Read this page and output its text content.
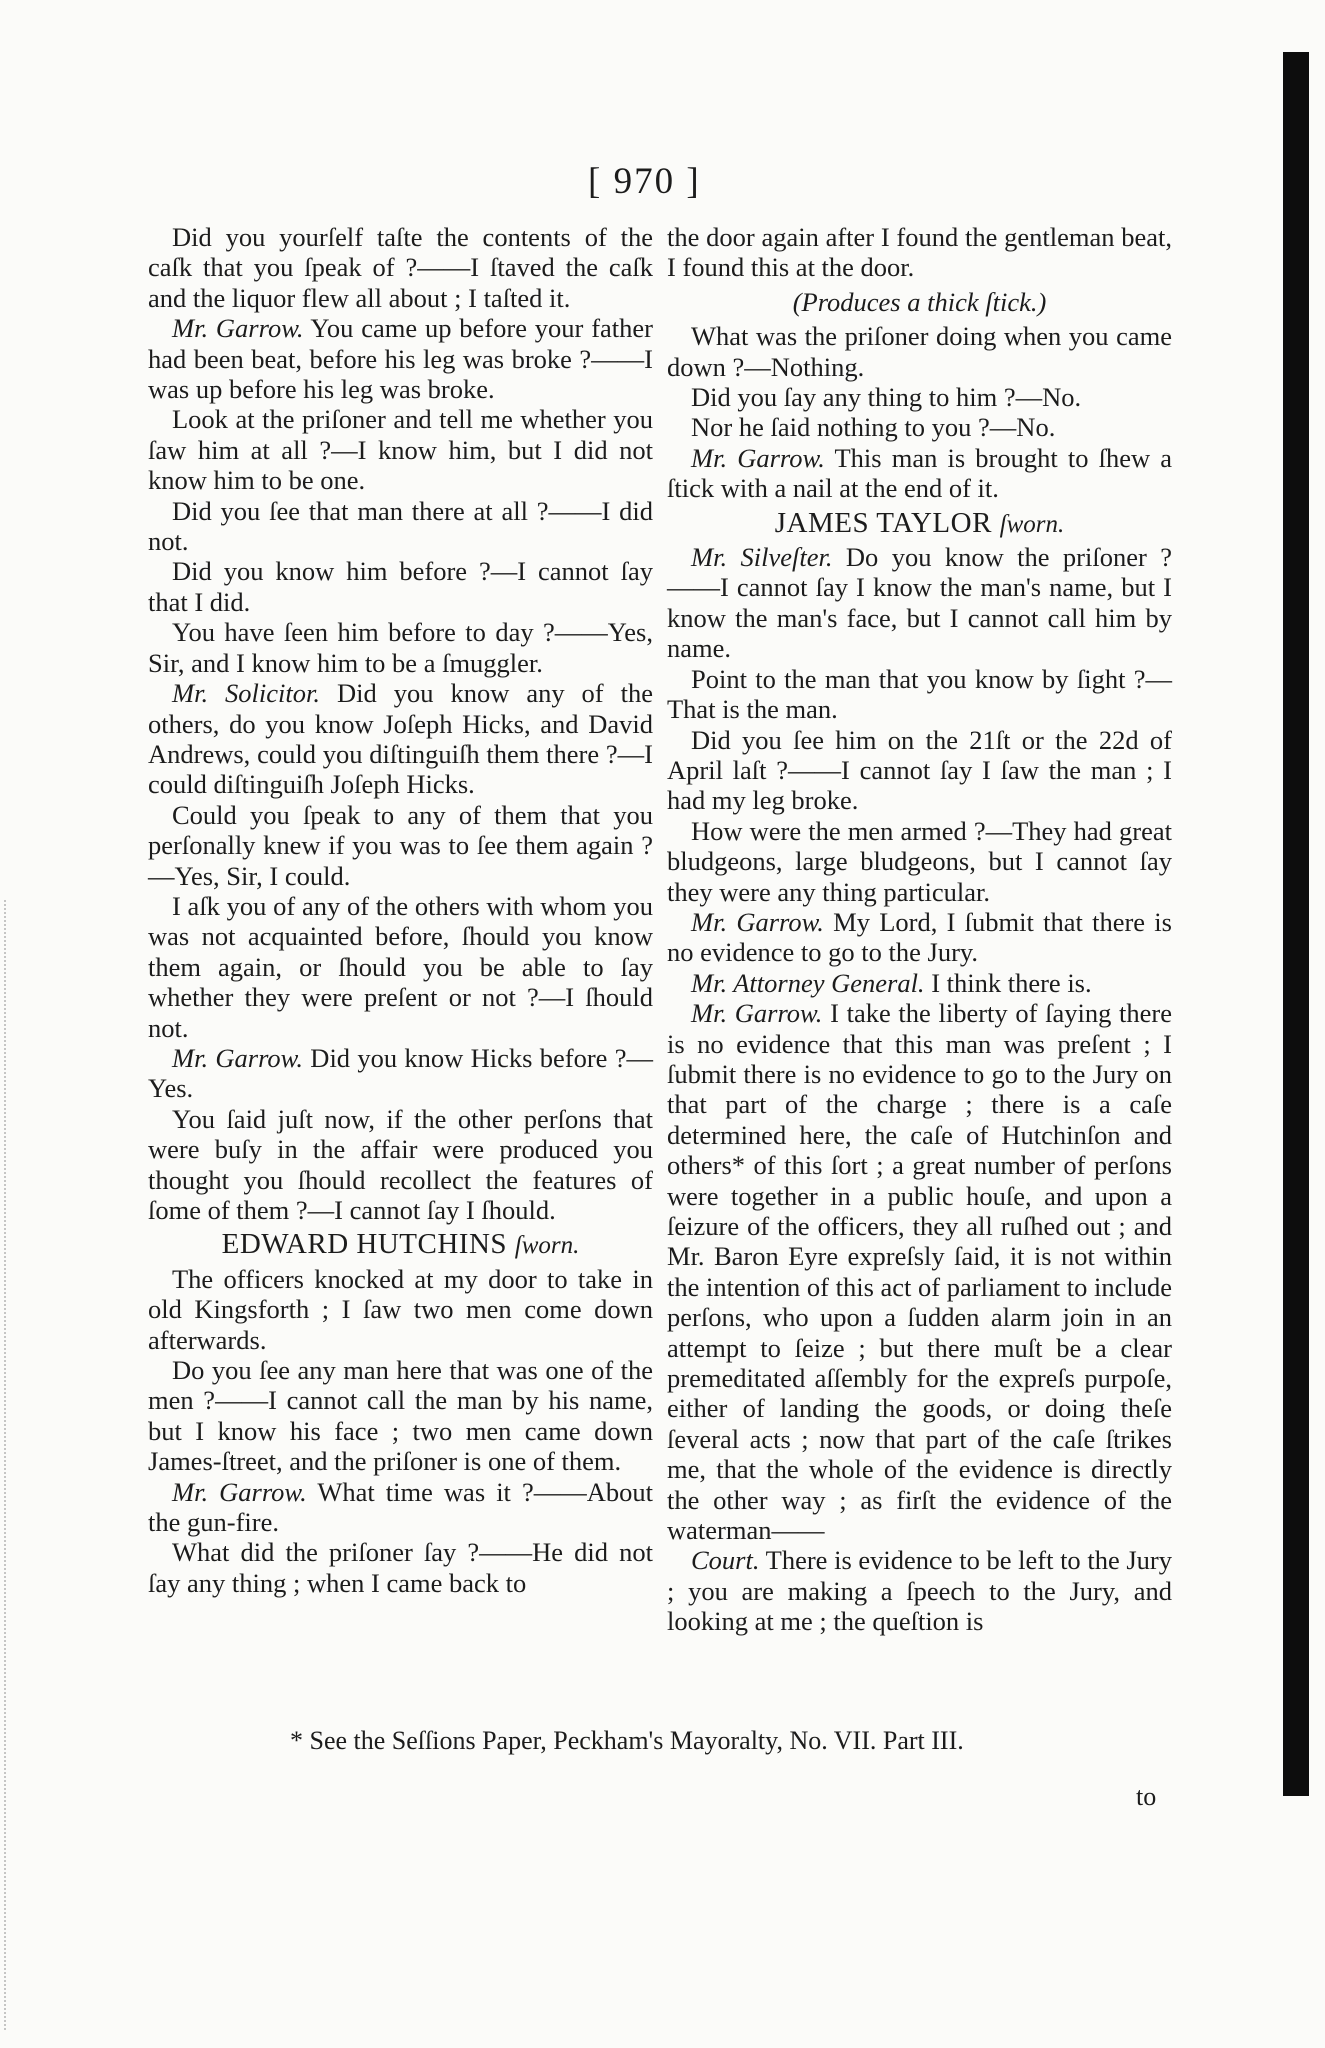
[ 970 ]

Did you yourſelf taſte the contents of the caſk that you ſpeak of ?——I ſtaved the caſk and the liquor flew all about ; I taſted it.

Mr. Garrow. You came up before your father had been beat, before his leg was broke ?——I was up before his leg was broke.

Look at the priſoner and tell me whether you ſaw him at all ?—I know him, but I did not know him to be one.

Did you ſee that man there at all ?——I did not.

Did you know him before ?—I cannot ſay that I did.

You have ſeen him before to day ?——Yes, Sir, and I know him to be a ſmuggler.

Mr. Solicitor. Did you know any of the others, do you know Joſeph Hicks, and David Andrews, could you diſtinguiſh them there ?—I could diſtinguiſh Joſeph Hicks.

Could you ſpeak to any of them that you perſonally knew if you was to ſee them again ?—Yes, Sir, I could.

I aſk you of any of the others with whom you was not acquainted before, ſhould you know them again, or ſhould you be able to ſay whether they were preſent or not ?—I ſhould not.

Mr. Garrow. Did you know Hicks before ?—Yes.

You ſaid juſt now, if the other perſons that were buſy in the affair were produced you thought you ſhould recollect the features of ſome of them ?—I cannot ſay I ſhould.

EDWARD HUTCHINS ſworn.

The officers knocked at my door to take in old Kingsforth ; I ſaw two men come down afterwards.

Do you ſee any man here that was one of the men ?——I cannot call the man by his name, but I know his face ; two men came down James-ſtreet, and the priſoner is one of them.

Mr. Garrow. What time was it ?——About the gun-fire.

What did the priſoner ſay ?——He did not ſay any thing ; when I came back to

the door again after I found the gentleman beat, I found this at the door.

(Produces a thick ſtick.)

What was the priſoner doing when you came down ?—Nothing.

Did you ſay any thing to him ?—No.

Nor he ſaid nothing to you ?—No.

Mr. Garrow. This man is brought to ſhew a ſtick with a nail at the end of it.

JAMES TAYLOR ſworn.

Mr. Silveſter. Do you know the priſoner ?——I cannot ſay I know the man's name, but I know the man's face, but I cannot call him by name.

Point to the man that you know by ſight ?—That is the man.

Did you ſee him on the 21ſt or the 22d of April laſt ?——I cannot ſay I ſaw the man ; I had my leg broke.

How were the men armed ?—They had great bludgeons, large bludgeons, but I cannot ſay they were any thing particular.

Mr. Garrow. My Lord, I ſubmit that there is no evidence to go to the Jury.

Mr. Attorney General. I think there is.

Mr. Garrow. I take the liberty of ſaying there is no evidence that this man was preſent ; I ſubmit there is no evidence to go to the Jury on that part of the charge ; there is a caſe determined here, the caſe of Hutchinſon and others* of this ſort ; a great number of perſons were together in a public houſe, and upon a ſeizure of the officers, they all ruſhed out ; and Mr. Baron Eyre expreſsly ſaid, it is not within the intention of this act of parliament to include perſons, who upon a ſudden alarm join in an attempt to ſeize ; but there muſt be a clear premeditated aſſembly for the expreſs purpoſe, either of landing the goods, or doing theſe ſeveral acts ; now that part of the caſe ſtrikes me, that the whole of the evidence is directly the other way ; as firſt the evidence of the waterman——

Court. There is evidence to be left to the Jury ; you are making a ſpeech to the Jury, and looking at me ; the queſtion is

* See the Seſſions Paper, Peckham's Mayoralty, No. VII. Part III.
to
